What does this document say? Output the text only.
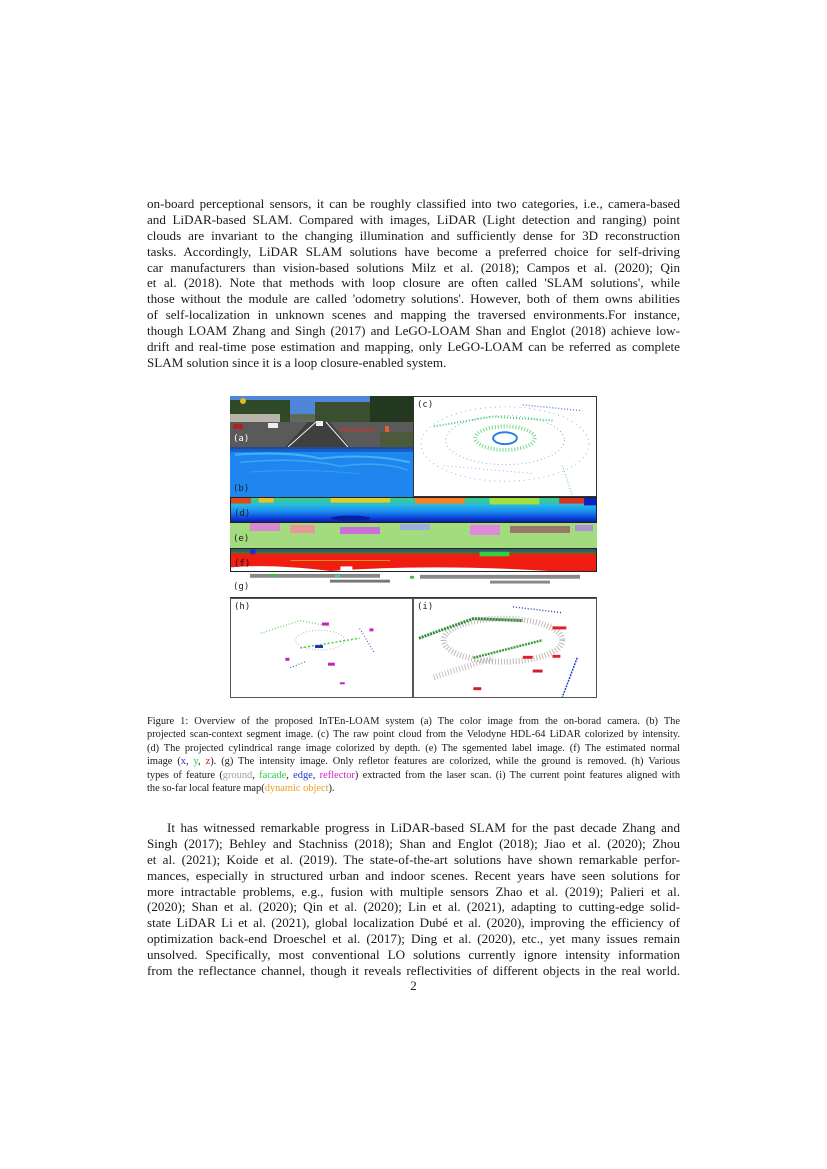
on-board perceptional sensors, it can be roughly classified into two categories, i.e., camera-based
and LiDAR-based SLAM. Compared with images, LiDAR (Light detection and ranging) point
clouds are invariant to the changing illumination and sufficiently dense for 3D reconstruction
tasks. Accordingly, LiDAR SLAM solutions have become a preferred choice for self-driving
car manufacturers than vision-based solutions Milz et al. (2018); Campos et al. (2020); Qin
et al. (2018). Note that methods with loop closure are often called 'SLAM solutions', while
those without the module are called 'odometry solutions'. However, both of them owns abilities
of self-localization in unknown scenes and mapping the traversed environments.For instance,
though LOAM Zhang and Singh (2017) and LeGO-LOAM Shan and Englot (2018) achieve low-
drift and real-time pose estimation and mapping, only LeGO-LOAM can be referred as complete
SLAM solution since it is a loop closure-enabled system.
(a)
(b)
(c)
(d)
(e)
(f)
(g)
(h)	(i)
Figure 1: Overview of the proposed InTEn-LOAM system (a) The color image from the on-borad camera. (b) The
projected scan-context segment image. (c) The raw point cloud from the Velodyne HDL-64 LiDAR colorized by intensity.
(d) The projected cylindrical range image colorized by depth. (e) The sgemented label image. (f) The estimated normal
image (x, y, z). (g) The intensity image. Only refletor features are colorized, while the ground is removed. (h) Various
types of feature (ground, facade, edge, reflector) extracted from the laser scan. (i) The current point features aligned with
the so-far local feature map(dynamic object).
It has witnessed remarkable progress in LiDAR-based SLAM for the past decade Zhang and
Singh (2017); Behley and Stachniss (2018); Shan and Englot (2018); Jiao et al. (2020); Zhou
et al. (2021); Koide et al. (2019). The state-of-the-art solutions have shown remarkable perfor-
mances, especially in structured urban and indoor scenes. Recent years have seen solutions for
more intractable problems, e.g., fusion with multiple sensors Zhao et al. (2019); Palieri et al.
(2020); Shan et al. (2020); Qin et al. (2020); Lin et al. (2021), adapting to cutting-edge solid-
state LiDAR Li et al. (2021), global localization Dubé et al. (2020), improving the efficiency of
optimization back-end Droeschel et al. (2017); Ding et al. (2020), etc., yet many issues remain
unsolved. Specifically, most conventional LO solutions currently ignore intensity information
from the reflectance channel, though it reveals reflectivities of different objects in the real world.
2
